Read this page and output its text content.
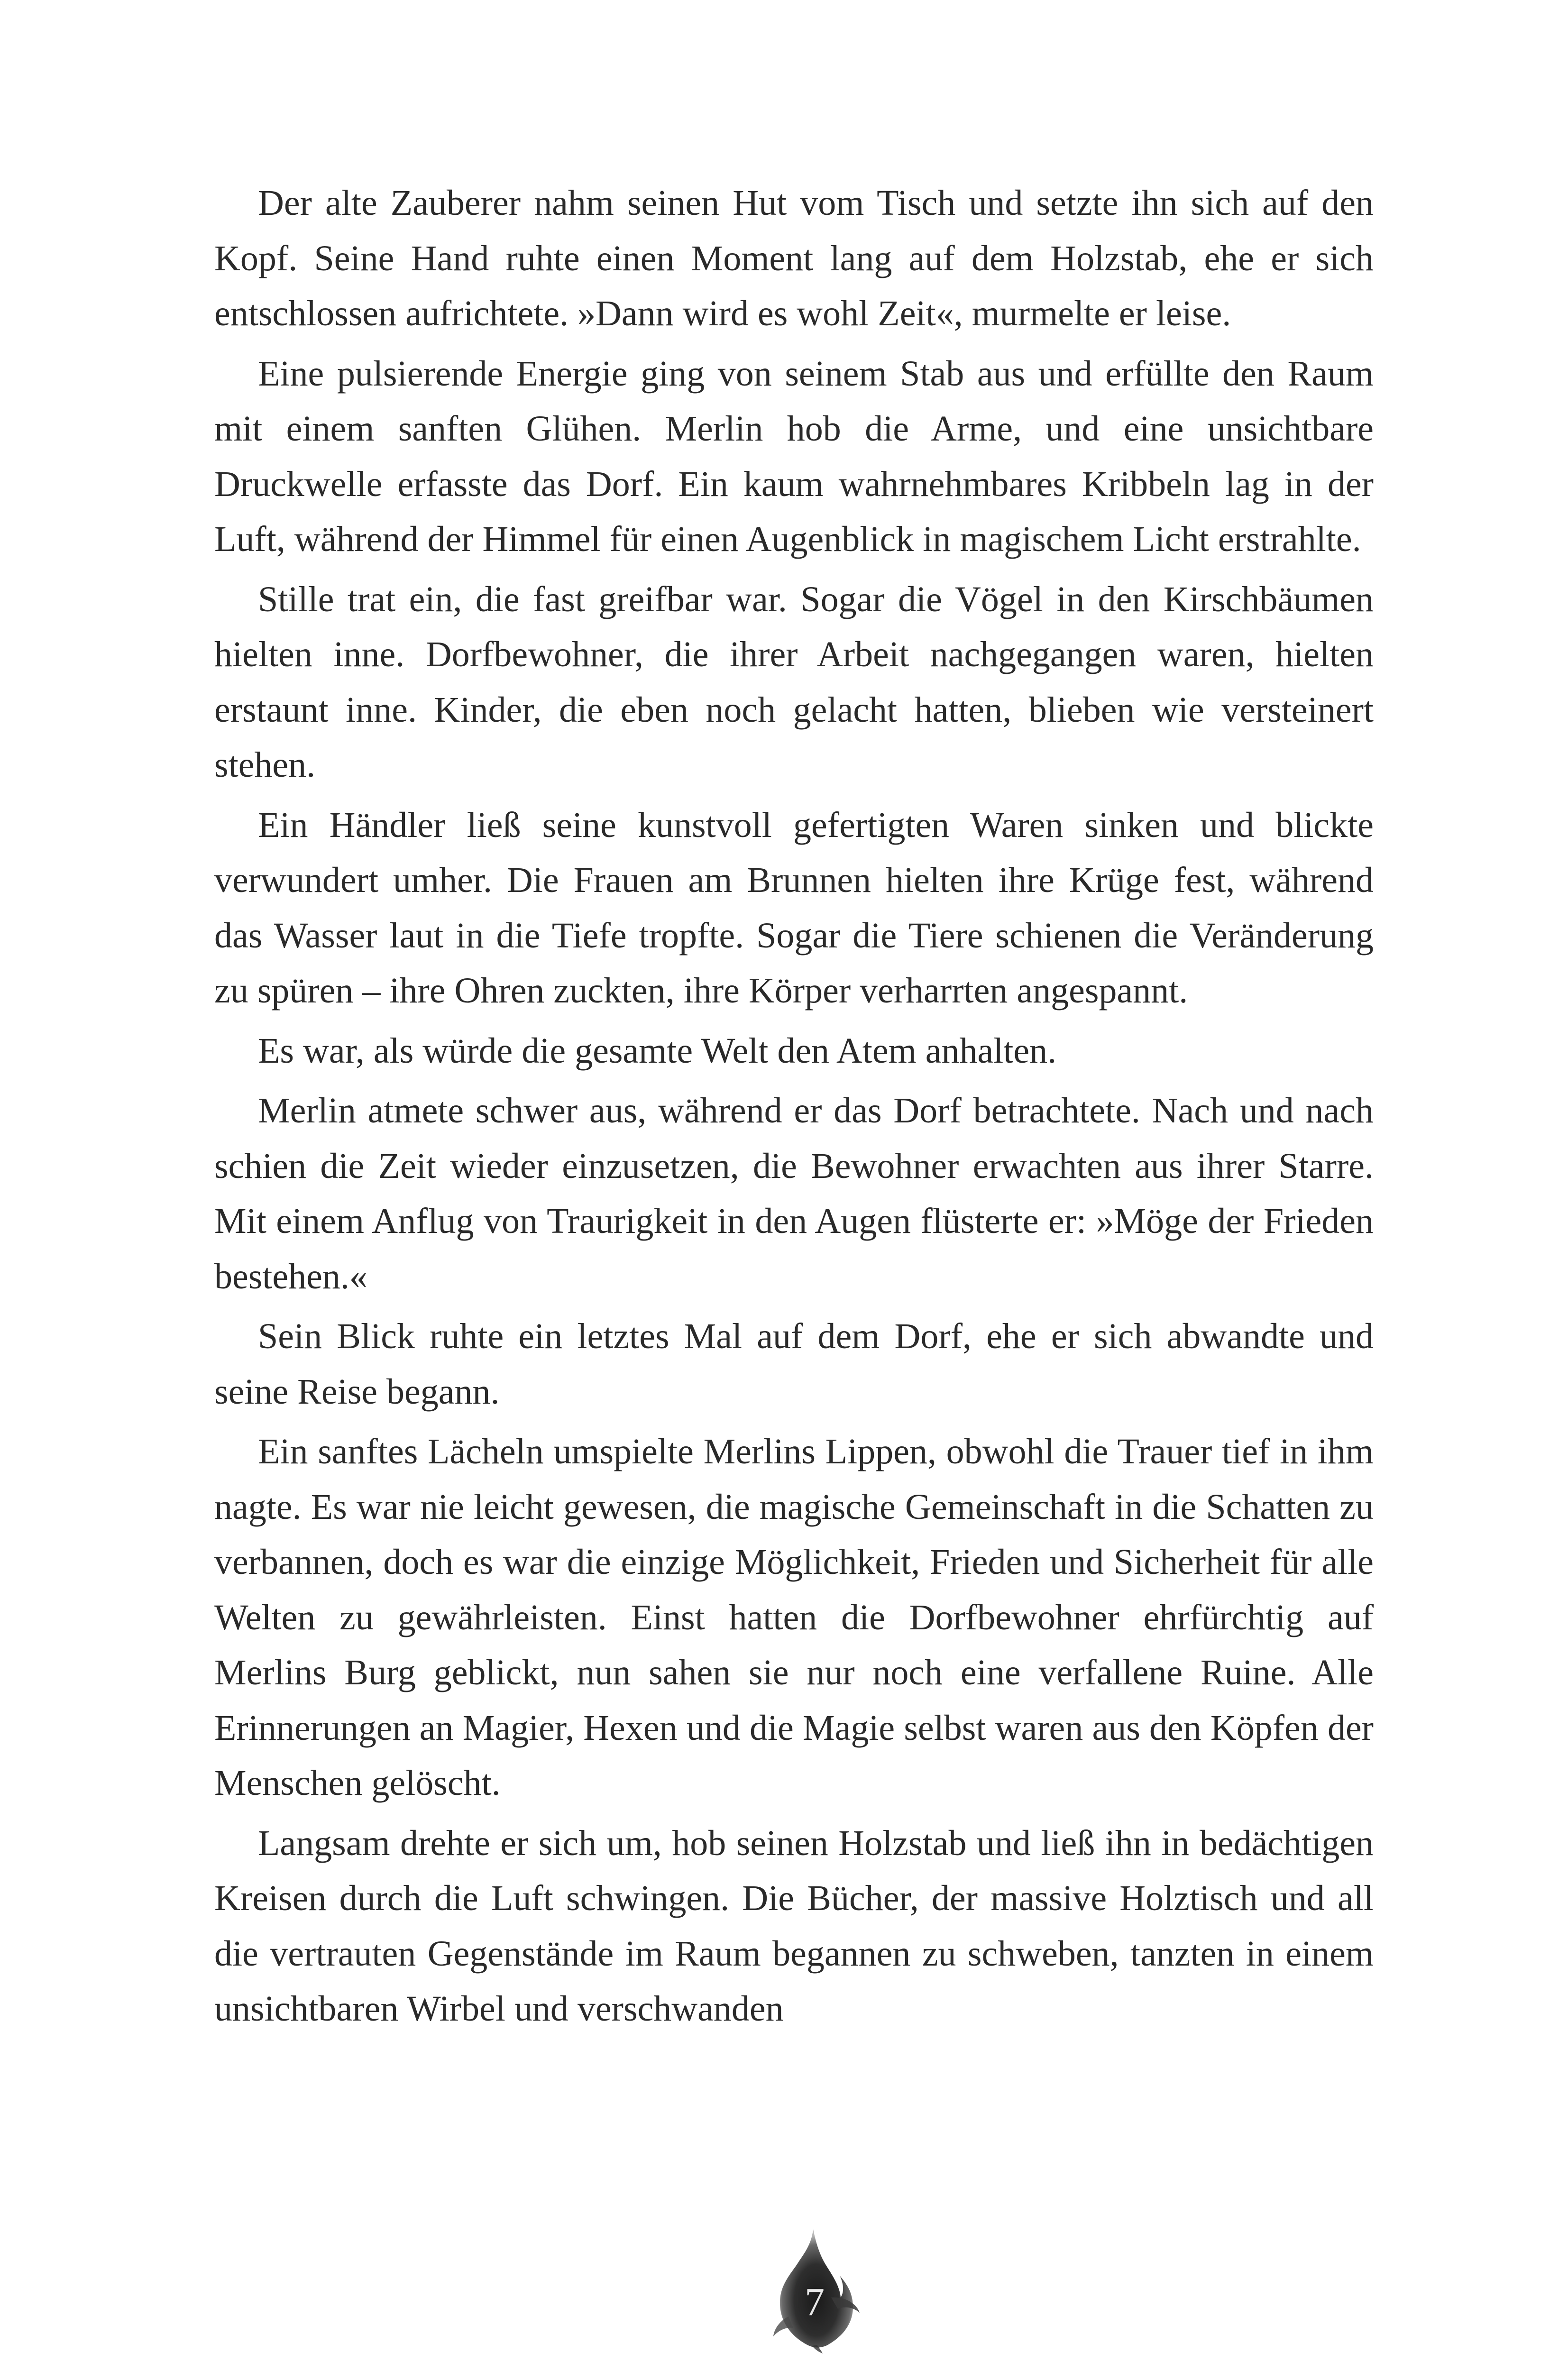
Der alte Zauberer nahm seinen Hut vom Tisch und setzte ihn sich auf den Kopf. Seine Hand ruhte einen Moment lang auf dem Holzstab, ehe er sich entschlossen aufrichtete. »Dann wird es wohl Zeit«, murmelte er leise.

Eine pulsierende Energie ging von seinem Stab aus und erfüllte den Raum mit einem sanften Glühen. Merlin hob die Arme, und eine unsichtbare Druckwelle erfasste das Dorf. Ein kaum wahrnehmbares Kribbeln lag in der Luft, während der Himmel für einen Augenblick in magischem Licht erstrahlte.

Stille trat ein, die fast greifbar war. Sogar die Vögel in den Kirschbäumen hielten inne. Dorfbewohner, die ihrer Arbeit nachgegangen waren, hielten erstaunt inne. Kinder, die eben noch gelacht hatten, blieben wie versteinert stehen.

Ein Händler ließ seine kunstvoll gefertigten Waren sinken und blickte verwundert umher. Die Frauen am Brunnen hielten ihre Krüge fest, während das Wasser laut in die Tiefe tropfte. Sogar die Tiere schienen die Veränderung zu spüren – ihre Ohren zuckten, ihre Körper verharrten angespannt.

Es war, als würde die gesamte Welt den Atem anhalten.

Merlin atmete schwer aus, während er das Dorf betrachtete. Nach und nach schien die Zeit wieder einzusetzen, die Bewohner erwachten aus ihrer Starre. Mit einem Anflug von Traurigkeit in den Augen flüsterte er: »Möge der Frieden bestehen.«

Sein Blick ruhte ein letztes Mal auf dem Dorf, ehe er sich abwandte und seine Reise begann.

Ein sanftes Lächeln umspielte Merlins Lippen, obwohl die Trauer tief in ihm nagte. Es war nie leicht gewesen, die magische Gemeinschaft in die Schatten zu verbannen, doch es war die einzige Möglichkeit, Frieden und Sicherheit für alle Welten zu gewährleisten. Einst hatten die Dorfbewohner ehrfürchtig auf Merlins Burg geblickt, nun sahen sie nur noch eine verfallene Ruine. Alle Erinnerungen an Magier, Hexen und die Magie selbst waren aus den Köpfen der Menschen gelöscht.

Langsam drehte er sich um, hob seinen Holzstab und ließ ihn in bedächtigen Kreisen durch die Luft schwingen. Die Bücher, der massive Holztisch und all die vertrauten Gegenstände im Raum begannen zu schweben, tanzten in einem unsichtbaren Wirbel und verschwanden

7
